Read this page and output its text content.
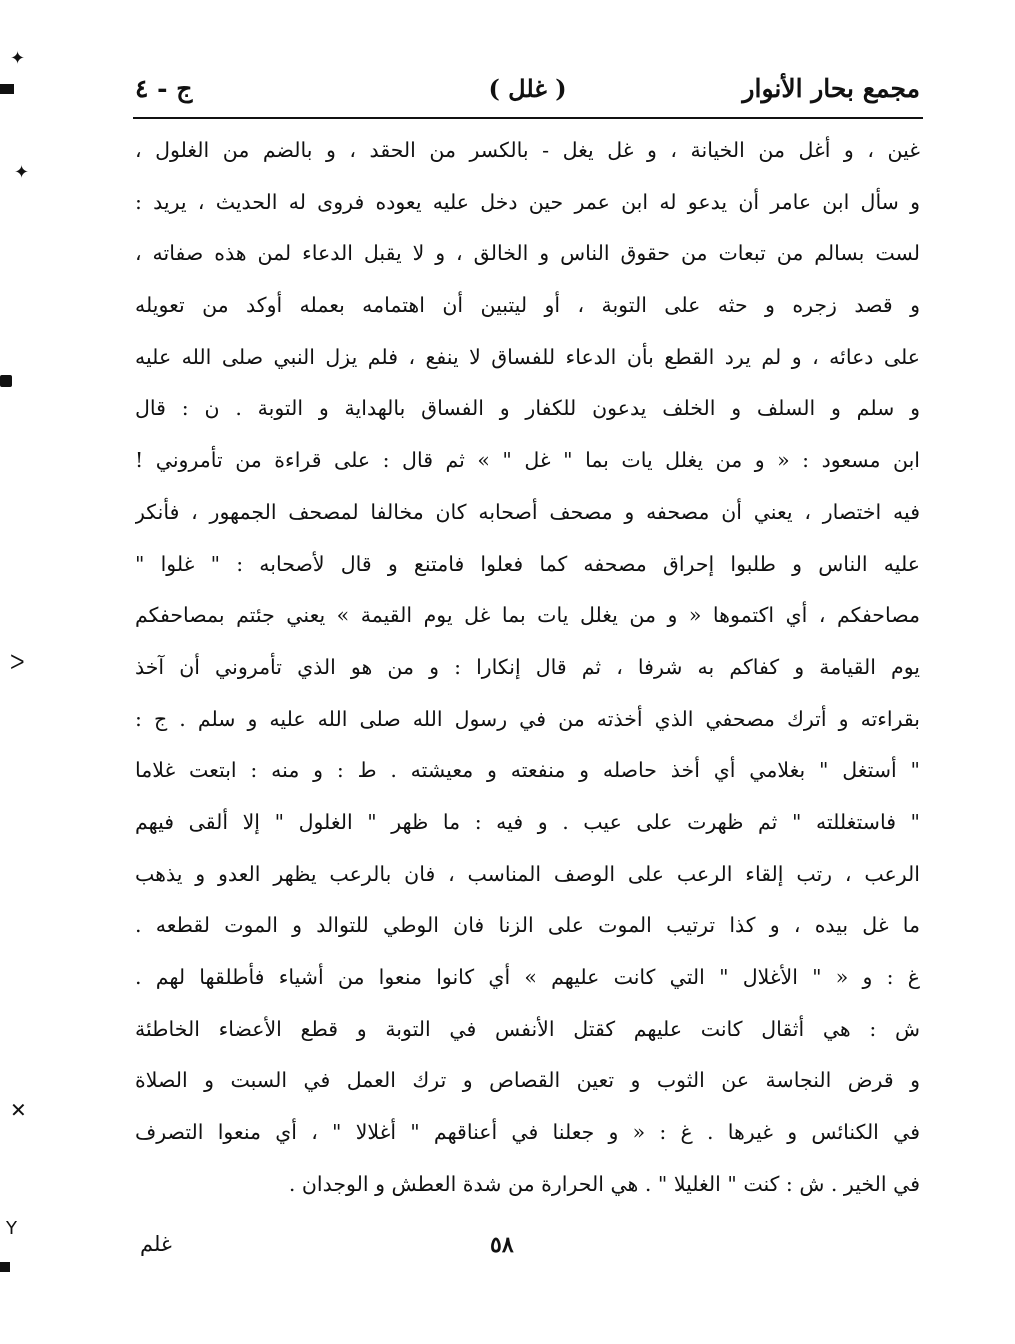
✦
✦
ᐳ
✕
Y
مجمع بحار الأنوار
( غلل )
ج - ٤
غين ، و أغل من الخيانة ، و غل يغل - بالكسر من الحقد ، و بالضم من الغلول ،
و سأل ابن عامر أن يدعو له ابن عمر حين دخل عليه يعوده فروى له الحديث ، يريد :
لست بسالم من تبعات من حقوق الناس و الخالق ، و لا يقبل الدعاء لمن هذه صفاته ،
و قصد زجره و حثه على التوبة ، أو ليتبين أن اهتمامه بعمله أوكد من تعويله
على دعائه ، و لم يرد القطع بأن الدعاء للفساق لا ينفع ، فلم يزل النبي صلى الله عليه
و سلم و السلف و الخلف يدعون للكفار و الفساق بالهداية و التوبة . ن : قال
ابن مسعود : « و من يغلل يات بما " غل " » ثم قال : على قراءة من تأمروني !
فيه اختصار ، يعني أن مصحفه و مصحف أصحابه كان مخالفا لمصحف الجمهور ، فأنكر
عليه الناس و طلبوا إحراق مصحفه كما فعلوا فامتنع و قال لأصحابه : " غلوا "
مصاحفكم ، أي اكتموها « و من يغلل يات بما غل يوم القيمة » يعني جئتم بمصاحفكم
يوم القيامة و كفاكم به شرفا ، ثم قال إنكارا : و من هو الذي تأمروني أن آخذ
بقراءته و أترك مصحفي الذي أخذته من في رسول الله صلى الله عليه و سلم . ج :
" أستغل " بغلامي أي أخذ حاصله و منفعته و معيشته . ط : و منه : ابتعت غلاما
" فاستغللته " ثم ظهرت على عيب . و فيه : ما ظهر " الغلول " إلا ألقى فيهم
الرعب ، رتب إلقاء الرعب على الوصف المناسب ، فان بالرعب يظهر العدو و يذهب
ما غل بيده ، و كذا ترتيب الموت على الزنا فان الوطي للتوالد و الموت لقطعه .
غ : و « " الأغلال " التي كانت عليهم » أي كانوا منعوا من أشياء فأطلقها لهم .
ش : هي أثقال كانت عليهم كقتل الأنفس في التوبة و قطع الأعضاء الخاطئة
و قرض النجاسة عن الثوب و تعين القصاص و ترك العمل في السبت و الصلاة
في الكنائس و غيرها . غ : « و جعلنا في أعناقهم " أغلالا " ، أي منعوا التصرف
في الخير . ش : كنت " الغليلا " . هي الحرارة من شدة العطش و الوجدان .
غلم	٥٨
